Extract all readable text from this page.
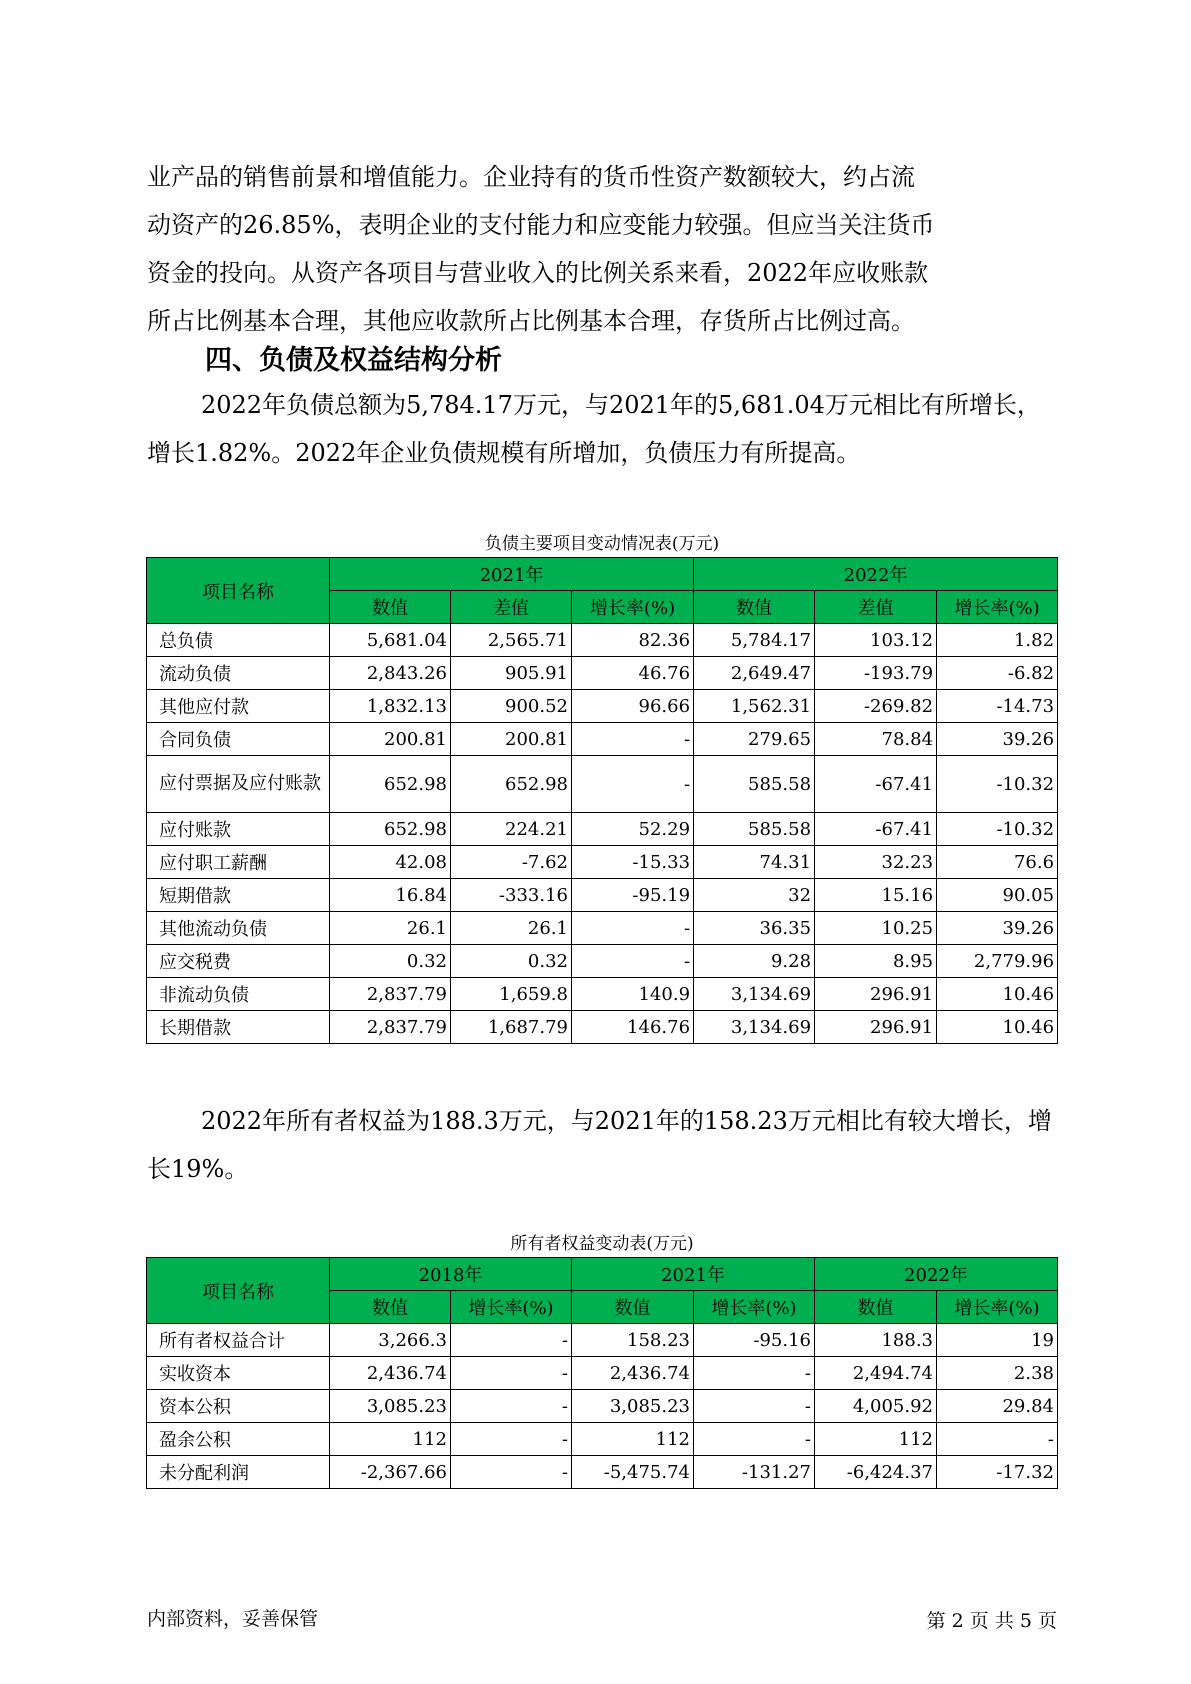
业产品的销售前景和增值能力。企业持有的货币性资产数额较大，约占流
动资产的26.85%，表明企业的支付能力和应变能力较强。但应当关注货币
资金的投向。从资产各项目与营业收入的比例关系来看，2022年应收账款
所占比例基本合理，其他应收款所占比例基本合理，存货所占比例过高。

四、负债及权益结构分析

2022年负债总额为5,784.17万元，与2021年的5,681.04万元相比有所增长，增长1.82%。2022年企业负债规模有所增加，负债压力有所提高。

负债主要项目变动情况表(万元)
项目名称	2021年			2022年		
	数值	差值	增长率(%)	数值	差值	增长率(%)
总负债	5,681.04	2,565.71	82.36	5,784.17	103.12	1.82
流动负债	2,843.26	905.91	46.76	2,649.47	-193.79	-6.82
其他应付款	1,832.13	900.52	96.66	1,562.31	-269.82	-14.73
合同负债	200.81	200.81	-	279.65	78.84	39.26
应付票据及应付账款	652.98	652.98	-	585.58	-67.41	-10.32
应付账款	652.98	224.21	52.29	585.58	-67.41	-10.32
应付职工薪酬	42.08	-7.62	-15.33	74.31	32.23	76.6
短期借款	16.84	-333.16	-95.19	32	15.16	90.05
其他流动负债	26.1	26.1	-	36.35	10.25	39.26
应交税费	0.32	0.32	-	9.28	8.95	2,779.96
非流动负债	2,837.79	1,659.8	140.9	3,134.69	296.91	10.46
长期借款	2,837.79	1,687.79	146.76	3,134.69	296.91	10.46

2022年所有者权益为188.3万元，与2021年的158.23万元相比有较大增长，增长19%。

所有者权益变动表(万元)
项目名称	2018年		2021年		2022年	
	数值	增长率(%)	数值	增长率(%)	数值	增长率(%)
所有者权益合计	3,266.3	-	158.23	-95.16	188.3	19
实收资本	2,436.74	-	2,436.74	-	2,494.74	2.38
资本公积	3,085.23	-	3,085.23	-	4,005.92	29.84
盈余公积	112	-	112	-	112	-
未分配利润	-2,367.66	-	-5,475.74	-131.27	-6,424.37	-17.32
内部资料，妥善保管	第 2 页 共 5 页
